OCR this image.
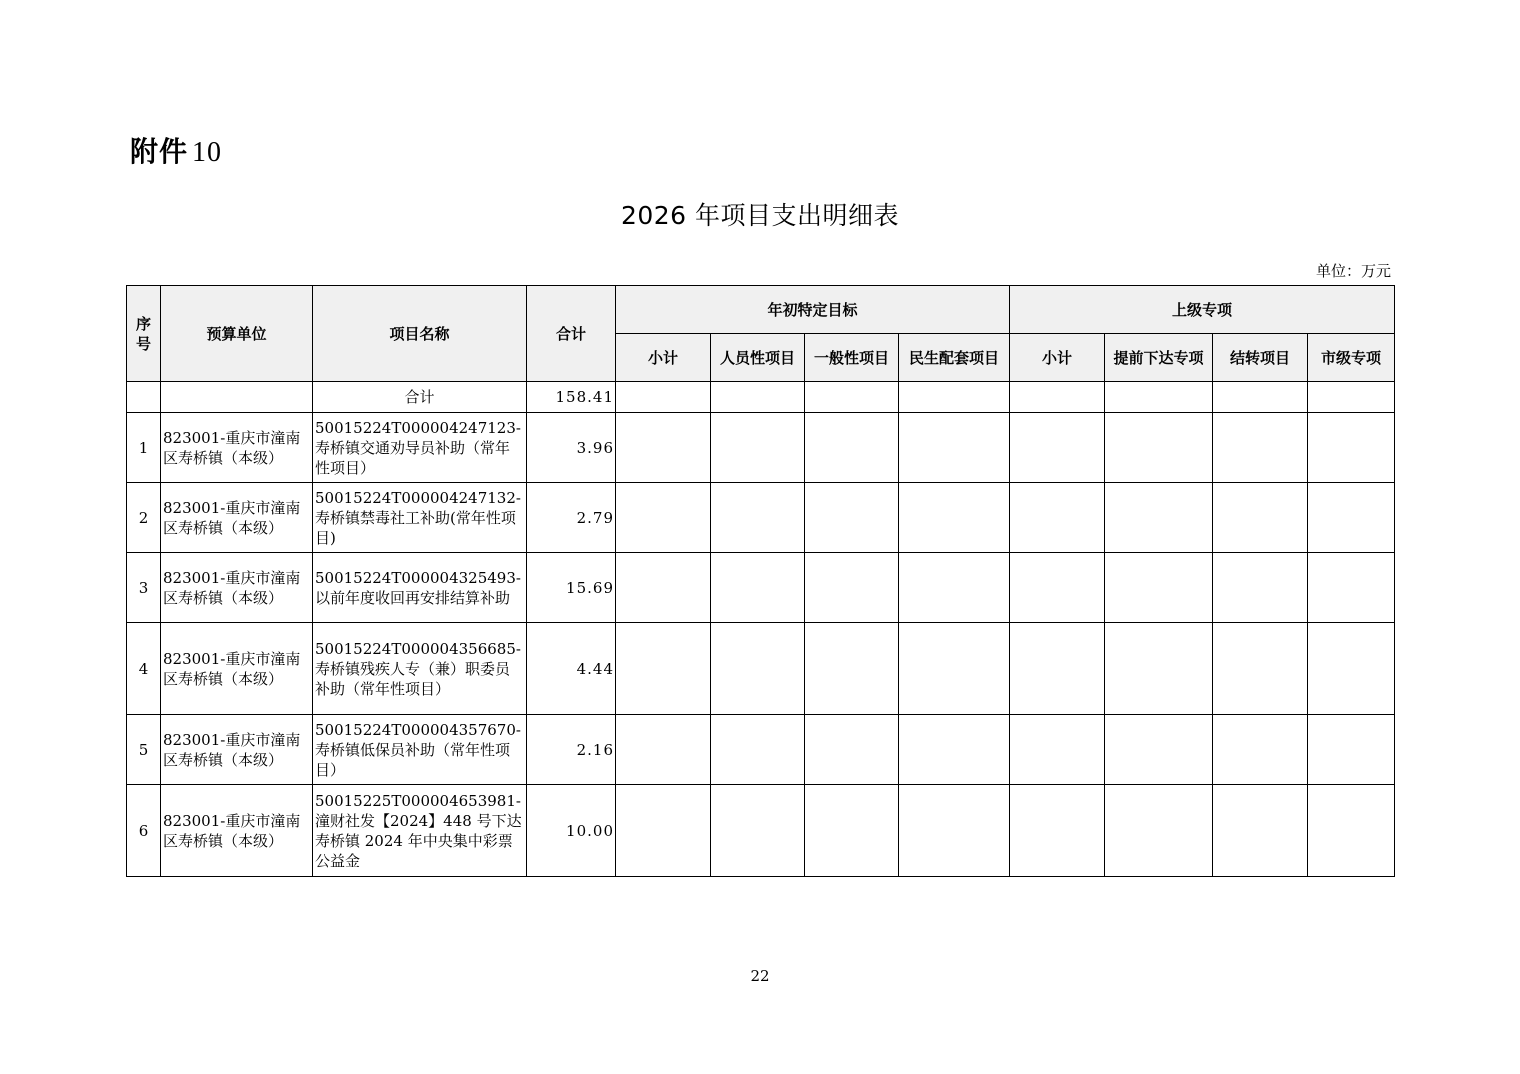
附件 10
2026 年项目支出明细表
单位：万元
序号	预算单位	项目名称	合计	年初特定目标				上级专项			
				小计	人员性项目	一般性项目	民生配套项目	小计	提前下达专项	结转项目	市级专项
		合计	158.41								
1	823001-重庆市潼南区寿桥镇（本级）	50015224T000004247123-寿桥镇交通劝导员补助（常年性项目）	3.96								
2	823001-重庆市潼南区寿桥镇（本级）	50015224T000004247132-寿桥镇禁毒社工补助(常年性项目)	2.79								
3	823001-重庆市潼南区寿桥镇（本级）	50015224T000004325493-以前年度收回再安排结算补助	15.69								
4	823001-重庆市潼南区寿桥镇（本级）	50015224T000004356685-寿桥镇残疾人专（兼）职委员补助（常年性项目）	4.44								
5	823001-重庆市潼南区寿桥镇（本级）	50015224T000004357670-寿桥镇低保员补助（常年性项目）	2.16								
6	823001-重庆市潼南区寿桥镇（本级）	50015225T000004653981-潼财社发【2024】448 号下达寿桥镇 2024 年中央集中彩票公益金	10.00								
22
